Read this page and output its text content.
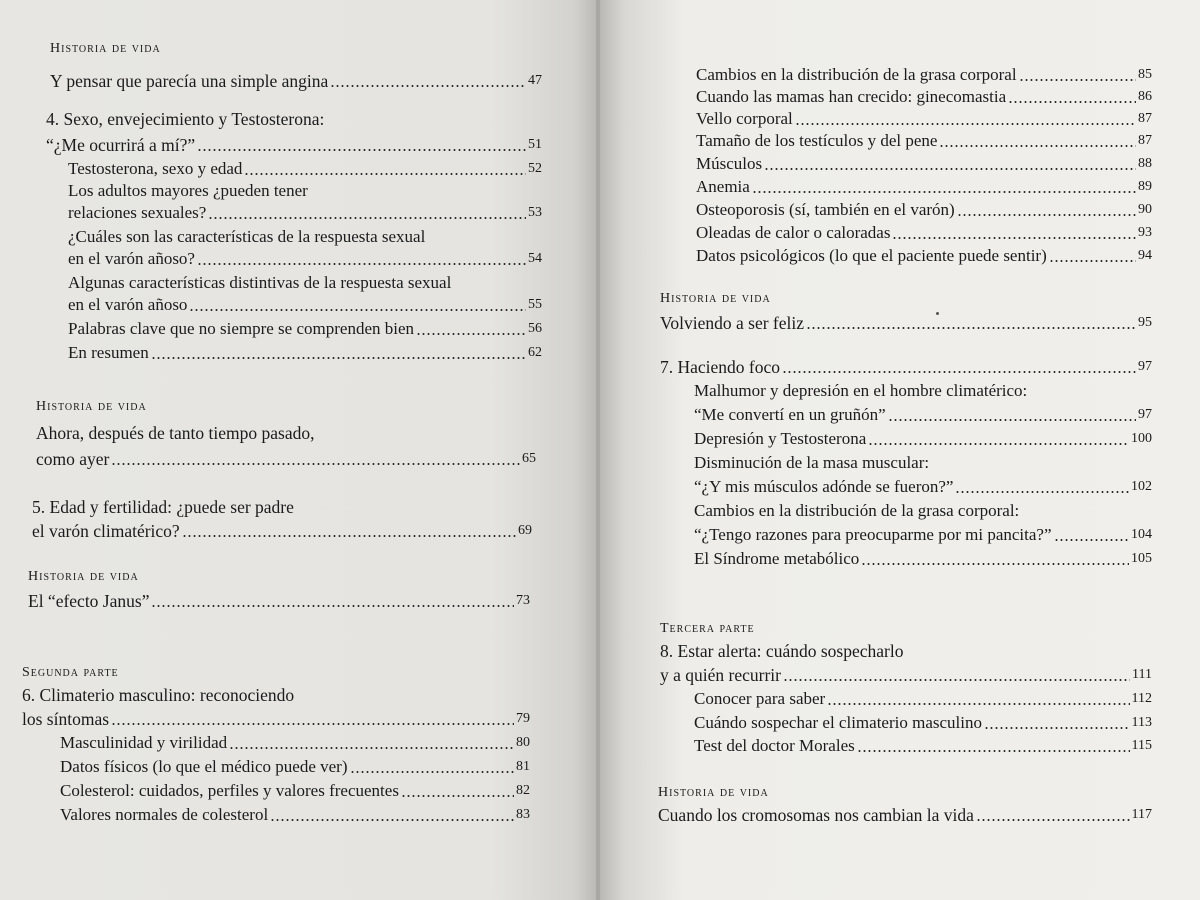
Historia de vida
Y pensar que parecía una simple angina	47
4. Sexo, envejecimiento y Testosterona:
“¿Me ocurrirá a mí?”	51
Testosterona, sexo y edad	52
Los adultos mayores ¿pueden tener
relaciones sexuales?	53
¿Cuáles son las características de la respuesta sexual
en el varón añoso?	54
Algunas características distintivas de la respuesta sexual
en el varón añoso	55
Palabras clave que no siempre se comprenden bien	56
En resumen	62
Historia de vida
Ahora, después de tanto tiempo pasado,
como ayer	65
5. Edad y fertilidad: ¿puede ser padre
el varón climatérico?	69
Historia de vida
El “efecto Janus”	73
Segunda parte
6. Climaterio masculino: reconociendo
los síntomas	79
Masculinidad y virilidad	80
Datos físicos (lo que el médico puede ver)	81
Colesterol: cuidados, perfiles y valores frecuentes	82
Valores normales de colesterol	83
Cambios en la distribución de la grasa corporal	85
Cuando las mamas han crecido: ginecomastia	86
Vello corporal	87
Tamaño de los testículos y del pene	87
Músculos	88
Anemia	89
Osteoporosis (sí, también en el varón)	90
Oleadas de calor o caloradas	93
Datos psicológicos (lo que el paciente puede sentir)	94
Historia de vida
Volviendo a ser feliz	95
7. Haciendo foco	97
Malhumor y depresión en el hombre climatérico:
“Me convertí en un gruñón”	97
Depresión y Testosterona	100
Disminución de la masa muscular:
“¿Y mis músculos adónde se fueron?”	102
Cambios en la distribución de la grasa corporal:
“¿Tengo razones para preocuparme por mi pancita?”	104
El Síndrome metabólico	105
Tercera parte
8. Estar alerta: cuándo sospecharlo
y a quién recurrir	111
Conocer para saber	112
Cuándo sospechar el climaterio masculino	113
Test del doctor Morales	115
Historia de vida
Cuando los cromosomas nos cambian la vida	117
